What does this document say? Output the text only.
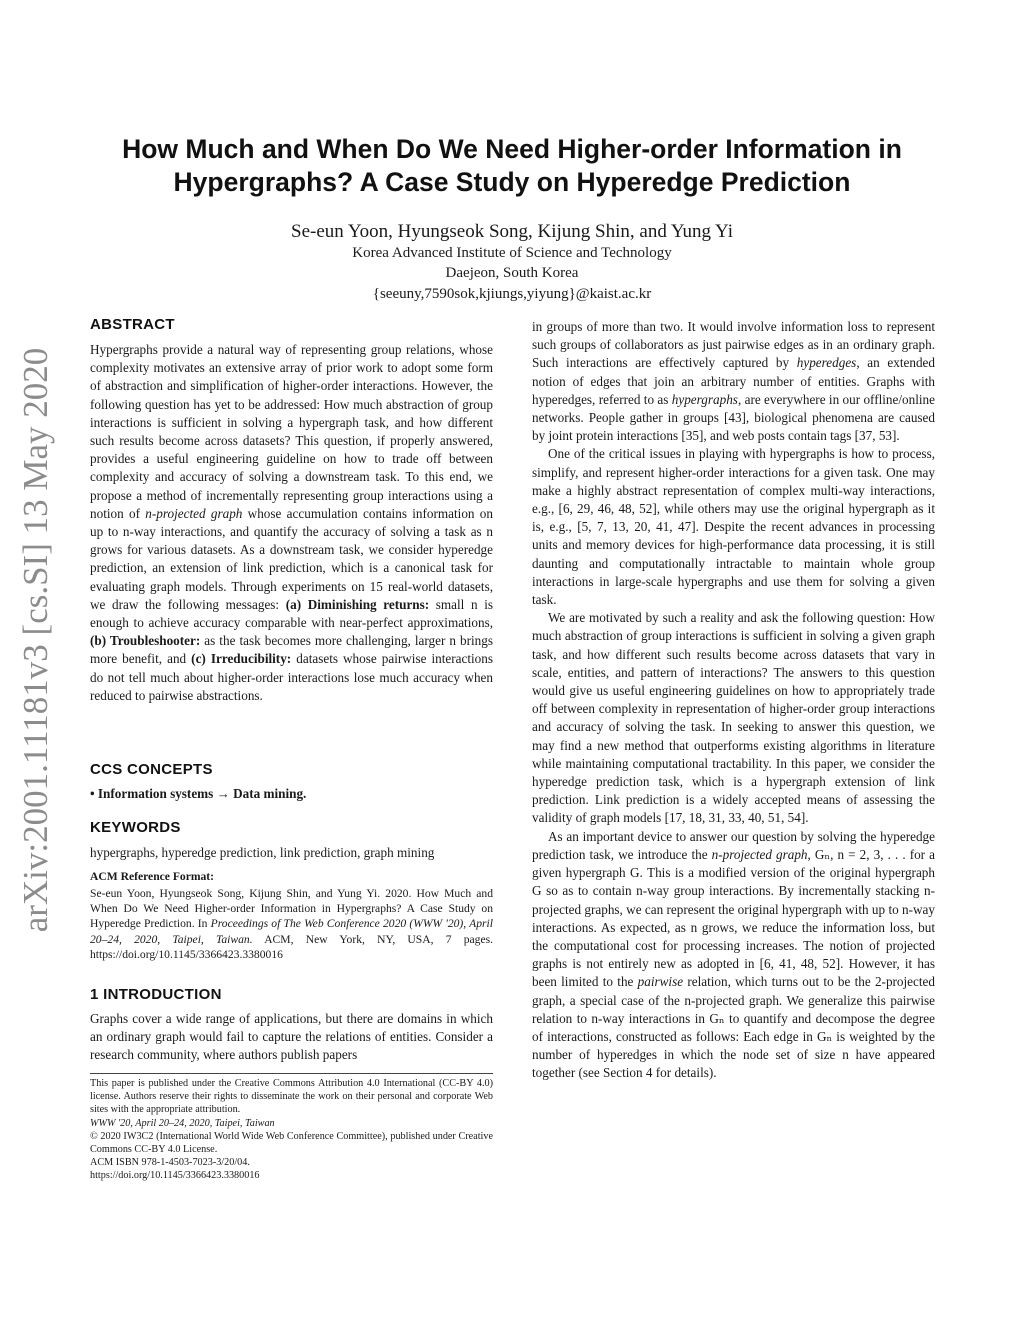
arXiv:2001.11181v3 [cs.SI] 13 May 2020
How Much and When Do We Need Higher-order Information in
Hypergraphs? A Case Study on Hyperedge Prediction
Se-eun Yoon, Hyungseok Song, Kijung Shin, and Yung Yi
Korea Advanced Institute of Science and Technology
Daejeon, South Korea
{seeuny,7590sok,kjiungs,yiyung}@kaist.ac.kr
ABSTRACT

Hypergraphs provide a natural way of representing group relations, whose complexity motivates an extensive array of prior work to adopt some form of abstraction and simplification of higher-order interactions. However, the following question has yet to be addressed: How much abstraction of group interactions is sufficient in solving a hypergraph task, and how different such results become across datasets? This question, if properly answered, provides a useful engineering guideline on how to trade off between complexity and accuracy of solving a downstream task. To this end, we propose a method of incrementally representing group interactions using a notion of n-projected graph whose accumulation contains information on up to n-way interactions, and quantify the accuracy of solving a task as n grows for various datasets. As a downstream task, we consider hyperedge prediction, an extension of link prediction, which is a canonical task for evaluating graph models. Through experiments on 15 real-world datasets, we draw the following messages: (a) Diminishing returns: small n is enough to achieve accuracy comparable with near-perfect approximations, (b) Troubleshooter: as the task becomes more challenging, larger n brings more benefit, and (c) Irreducibility: datasets whose pairwise interactions do not tell much about higher-order interactions lose much accuracy when reduced to pairwise abstractions.

CCS CONCEPTS
• Information systems → Data mining.
KEYWORDS
hypergraphs, hyperedge prediction, link prediction, graph mining
ACM Reference Format:

Se-eun Yoon, Hyungseok Song, Kijung Shin, and Yung Yi. 2020. How Much and When Do We Need Higher-order Information in Hypergraphs? A Case Study on Hyperedge Prediction. In Proceedings of The Web Conference 2020 (WWW '20), April 20–24, 2020, Taipei, Taiwan. ACM, New York, NY, USA, 7 pages. https://doi.org/10.1145/3366423.3380016

1 INTRODUCTION
Graphs cover a wide range of applications, but there are domains in which an ordinary graph would fail to capture the relations of entities. Consider a research community, where authors publish papers

This paper is published under the Creative Commons Attribution 4.0 International (CC-BY 4.0) license. Authors reserve their rights to disseminate the work on their personal and corporate Web sites with the appropriate attribution.

WWW '20, April 20–24, 2020, Taipei, Taiwan

© 2020 IW3C2 (International World Wide Web Conference Committee), published under Creative Commons CC-BY 4.0 License.

ACM ISBN 978-1-4503-7023-3/20/04.

https://doi.org/10.1145/3366423.3380016

in groups of more than two. It would involve information loss to represent such groups of collaborators as just pairwise edges as in an ordinary graph. Such interactions are effectively captured by hyperedges, an extended notion of edges that join an arbitrary number of entities. Graphs with hyperedges, referred to as hypergraphs, are everywhere in our offline/online networks. People gather in groups [43], biological phenomena are caused by joint protein interactions [35], and web posts contain tags [37, 53].

One of the critical issues in playing with hypergraphs is how to process, simplify, and represent higher-order interactions for a given task. One may make a highly abstract representation of complex multi-way interactions, e.g., [6, 29, 46, 48, 52], while others may use the original hypergraph as it is, e.g., [5, 7, 13, 20, 41, 47]. Despite the recent advances in processing units and memory devices for high-performance data processing, it is still daunting and computationally intractable to maintain whole group interactions in large-scale hypergraphs and use them for solving a given task.

We are motivated by such a reality and ask the following question: How much abstraction of group interactions is sufficient in solving a given graph task, and how different such results become across datasets that vary in scale, entities, and pattern of interactions? The answers to this question would give us useful engineering guidelines on how to appropriately trade off between complexity in representation of higher-order group interactions and accuracy of solving the task. In seeking to answer this question, we may find a new method that outperforms existing algorithms in literature while maintaining computational tractability. In this paper, we consider the hyperedge prediction task, which is a hypergraph extension of link prediction. Link prediction is a widely accepted means of assessing the validity of graph models [17, 18, 31, 33, 40, 51, 54].

As an important device to answer our question by solving the hyperedge prediction task, we introduce the n-projected graph, Gₙ, n = 2, 3, . . . for a given hypergraph G. This is a modified version of the original hypergraph G so as to contain n-way group interactions. By incrementally stacking n-projected graphs, we can represent the original hypergraph with up to n-way interactions. As expected, as n grows, we reduce the information loss, but the computational cost for processing increases. The notion of projected graphs is not entirely new as adopted in [6, 41, 48, 52]. However, it has been limited to the pairwise relation, which turns out to be the 2-projected graph, a special case of the n-projected graph. We generalize this pairwise relation to n-way interactions in Gₙ to quantify and decompose the degree of interactions, constructed as follows: Each edge in Gₙ is weighted by the number of hyperedges in which the node set of size n have appeared together (see Section 4 for details).
